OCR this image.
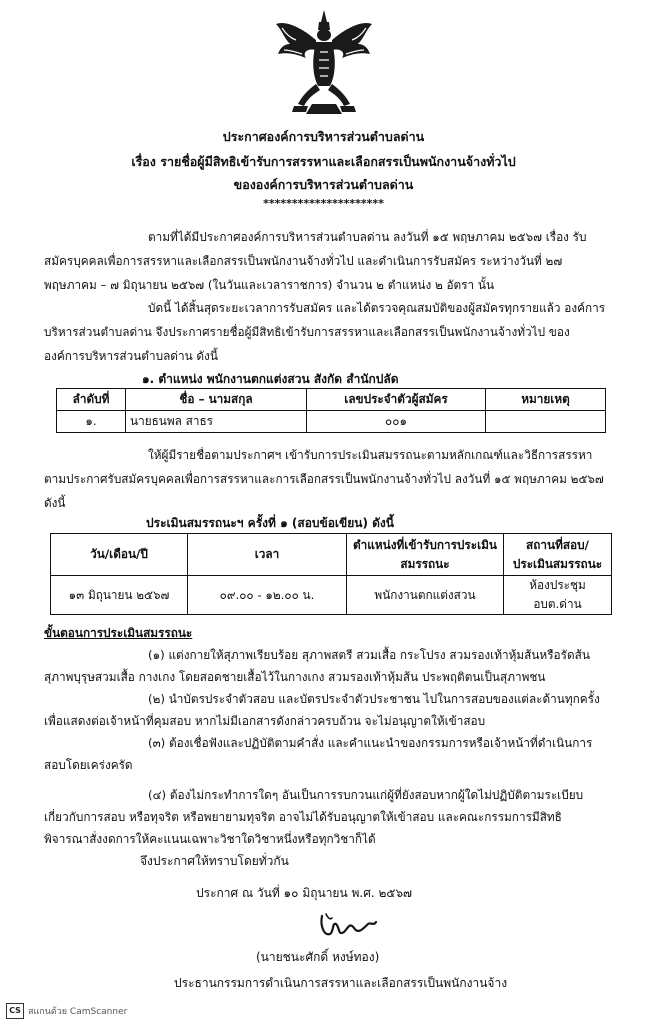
ประกาศองค์การบริหารส่วนตำบลด่าน
เรื่อง รายชื่อผู้มีสิทธิเข้ารับการสรรหาและเลือกสรรเป็นพนักงานจ้างทั่วไป
ขององค์การบริหารส่วนตำบลด่าน
*********************
ตามที่ได้มีประกาศองค์การบริหารส่วนตำบลด่าน ลงวันที่ ๑๕ พฤษภาคม ๒๕๖๗ เรื่อง รับสมัครบุคคลเพื่อการสรรหาและเลือกสรรเป็นพนักงานจ้างทั่วไป และดำเนินการรับสมัคร ระหว่างวันที่ ๒๗ พฤษภาคม – ๗ มิถุนายน ๒๕๖๗ (ในวันและเวลาราชการ) จำนวน ๒ ตำแหน่ง ๒ อัตรา นั้น
บัดนี้ ได้สิ้นสุดระยะเวลาการรับสมัคร และได้ตรวจคุณสมบัติของผู้สมัครทุกรายแล้ว องค์การบริหารส่วนตำบลด่าน จึงประกาศรายชื่อผู้มีสิทธิเข้ารับการสรรหาและเลือกสรรเป็นพนักงานจ้างทั่วไป ขององค์การบริหารส่วนตำบลด่าน ดังนี้
๑. ตำแหน่ง พนักงานตกแต่งสวน สังกัด สำนักปลัด
ลำดับที่	ชื่อ – นามสกุล	เลขประจำตัวผู้สมัคร	หมายเหตุ
๑.	นายธนพล สาธร	๐๐๑	
ให้ผู้มีรายชื่อตามประกาศฯ เข้ารับการประเมินสมรรถนะตามหลักเกณฑ์และวิธีการสรรหา ตามประกาศรับสมัครบุคคลเพื่อการสรรหาและการเลือกสรรเป็นพนักงานจ้างทั่วไป ลงวันที่ ๑๕ พฤษภาคม ๒๕๖๗ ดังนี้
ประเมินสมรรถนะฯ ครั้งที่ ๑ (สอบข้อเขียน) ดังนี้
วัน/เดือน/ปี	เวลา	ตำแหน่งที่เข้ารับการประเมินสมรรถนะ	สถานที่สอบ/ประเมินสมรรถนะ
๑๓ มิถุนายน ๒๕๖๗	๐๙.๐๐ - ๑๒.๐๐ น.	พนักงานตกแต่งสวน	ห้องประชุม อบต.ด่าน

ขั้นตอนการประเมินสมรรถนะ

(๑) แต่งกายให้สุภาพเรียบร้อย สุภาพสตรี สวมเสื้อ กระโปรง สวมรองเท้าหุ้มส้นหรือรัดส้น

สุภาพบุรุษสวมเสื้อ กางเกง โดยสอดชายเสื้อไว้ในกางเกง สวมรองเท้าหุ้มส้น ประพฤติตนเป็นสุภาพชน

(๒) นำบัตรประจำตัวสอบ และบัตรประจำตัวประชาชน ไปในการสอบของแต่ละด้านทุกครั้ง

เพื่อแสดงต่อเจ้าหน้าที่คุมสอบ หากไม่มีเอกสารดังกล่าวครบถ้วน จะไม่อนุญาตให้เข้าสอบ

(๓) ต้องเชื่อฟังและปฏิบัติตามคำสั่ง และคำแนะนำของกรรมการหรือเจ้าหน้าที่ดำเนินการ

สอบโดยเคร่งครัด

(๔) ต้องไม่กระทำการใดๆ อันเป็นการรบกวนแก่ผู้ที่ยังสอบหากผู้ใดไม่ปฏิบัติตามระเบียบ

เกี่ยวกับการสอบ หรือทุจริต หรือพยายามทุจริต อาจไม่ได้รับอนุญาตให้เข้าสอบ และคณะกรรมการมีสิทธิ

พิจารณาสั่งงดการให้คะแนนเฉพาะวิชาใดวิชาหนึ่งหรือทุกวิชาก็ได้

จึงประกาศให้ทราบโดยทั่วกัน
ประกาศ ณ วันที่ ๑๐ มิถุนายน พ.ศ. ๒๕๖๗
(นายชนะศักดิ์ หงษ์ทอง)
ประธานกรรมการดำเนินการสรรหาและเลือกสรรเป็นพนักงานจ้าง
CS สแกนด้วย CamScanner
